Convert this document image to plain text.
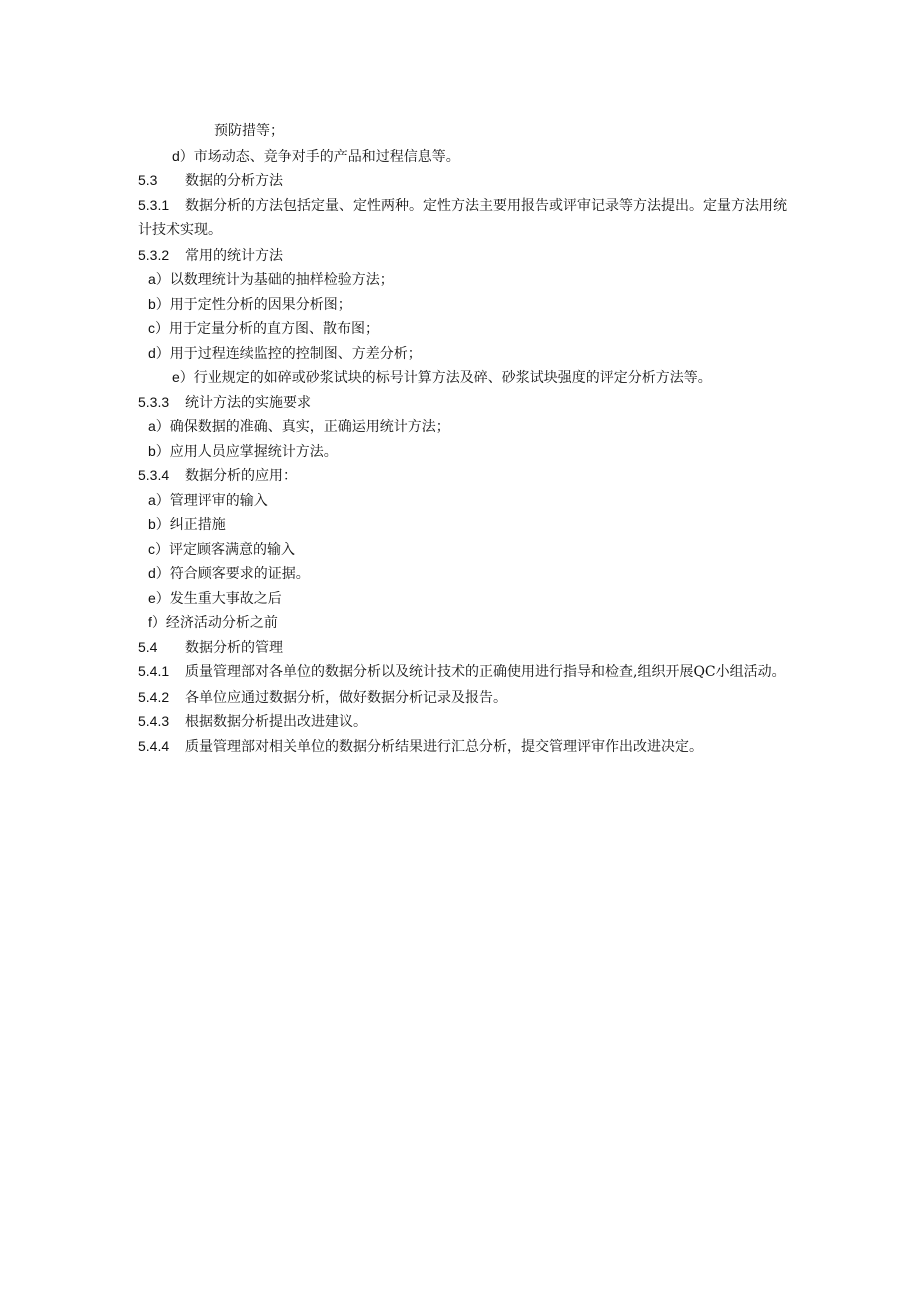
预防措等；
d）市场动态、竞争对手的产品和过程信息等。
5.3 数据的分析方法
5.3.1 数据分析的方法包括定量、定性两种。定性方法主要用报告或评审记录等方法提出。定量方法用统计技术实现。
5.3.2 常用的统计方法
a）以数理统计为基础的抽样检验方法；
b）用于定性分析的因果分析图；
c）用于定量分析的直方图、散布图；
d）用于过程连续监控的控制图、方差分析；
e）行业规定的如碎或砂浆试块的标号计算方法及碎、砂浆试块强度的评定分析方法等。
5.3.3 统计方法的实施要求
a）确保数据的准确、真实，正确运用统计方法；
b）应用人员应掌握统计方法。
5.3.4 数据分析的应用：
a）管理评审的输入
b）纠正措施
c）评定顾客满意的输入
d）符合顾客要求的证据。
e）发生重大事故之后
f）经济活动分析之前
5.4 数据分析的管理
5.4.1 质量管理部对各单位的数据分析以及统计技术的正确使用进行指导和检查,组织开展QC小组活动。
5.4.2 各单位应通过数据分析，做好数据分析记录及报告。
5.4.3 根据数据分析提出改进建议。
5.4.4 质量管理部对相关单位的数据分析结果进行汇总分析，提交管理评审作出改进决定。
